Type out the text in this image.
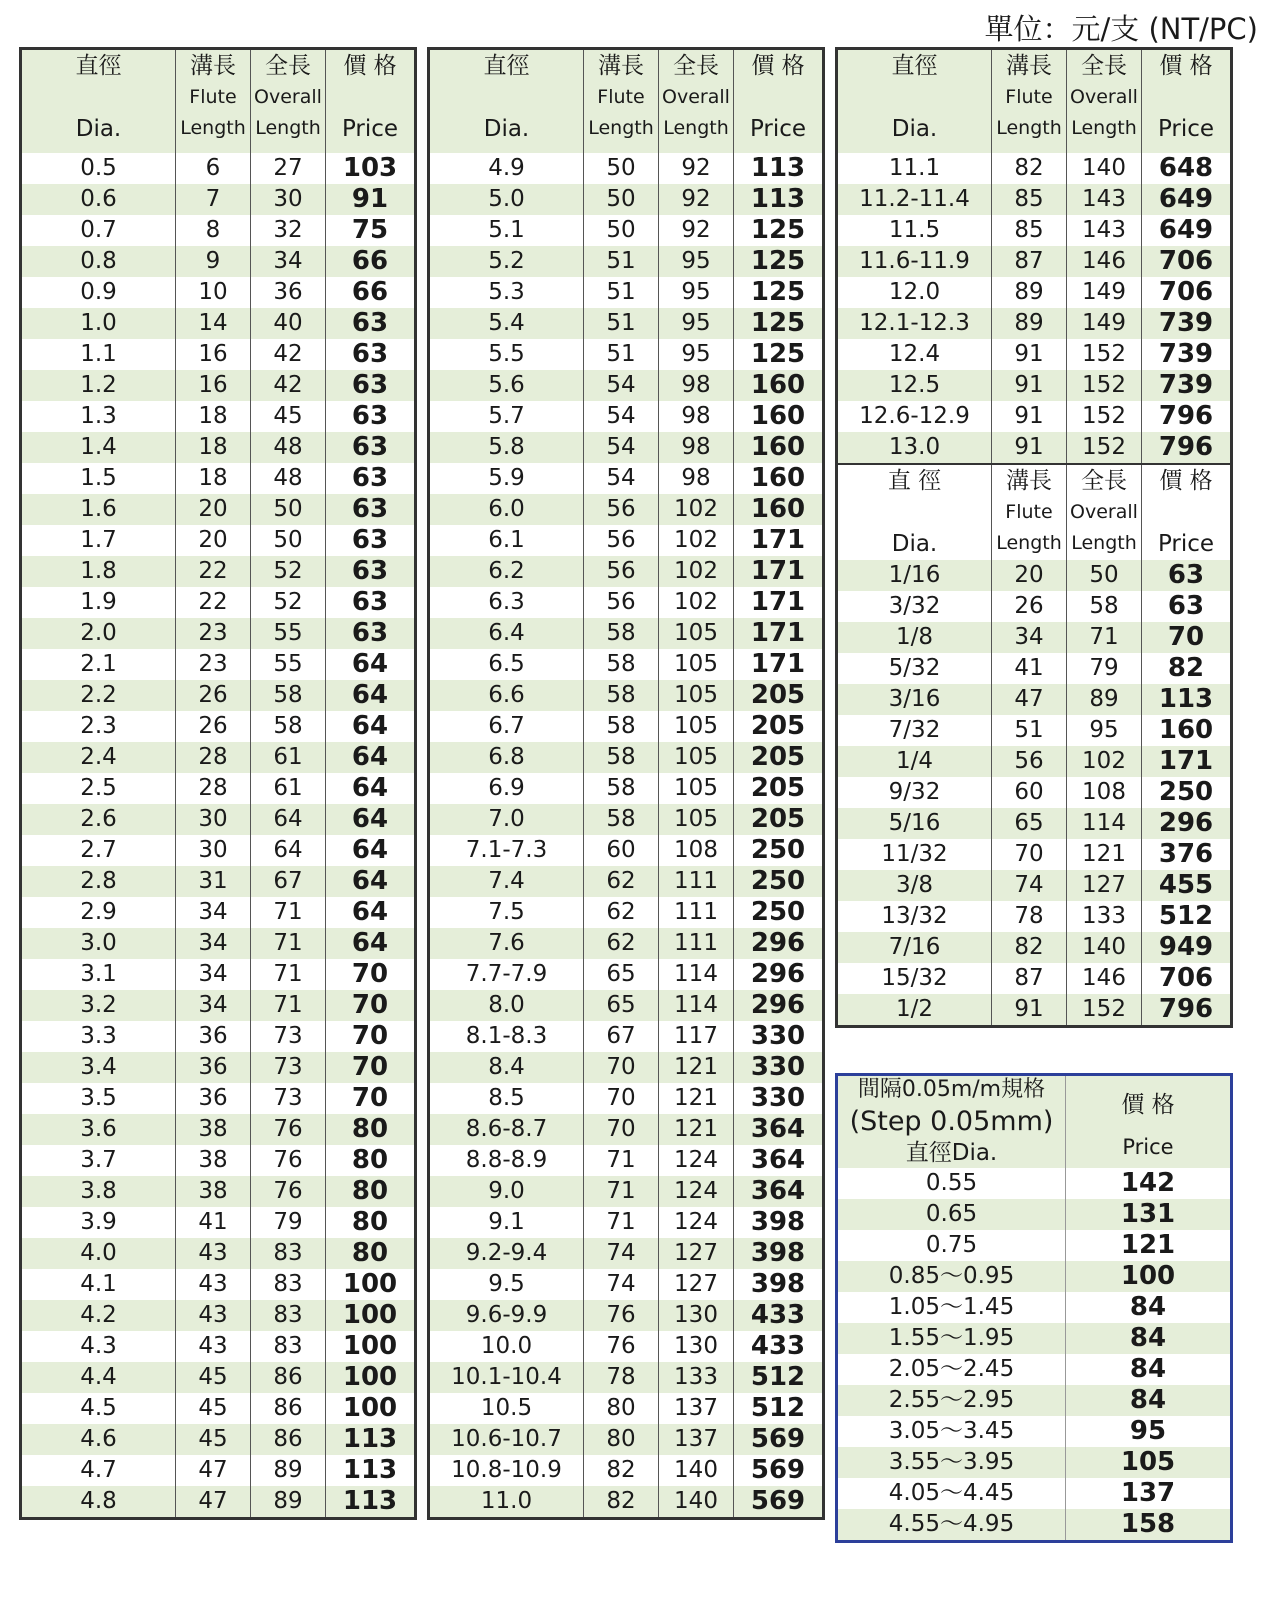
單位：元/支 (NT/PC)
直徑

Dia.	溝長
Flute
Length	全長
Overall
Length	價 格

Price

0.5	6	27	103
0.6	7	30	91
0.7	8	32	75
0.8	9	34	66
0.9	10	36	66
1.0	14	40	63
1.1	16	42	63
1.2	16	42	63
1.3	18	45	63
1.4	18	48	63
1.5	18	48	63
1.6	20	50	63
1.7	20	50	63
1.8	22	52	63
1.9	22	52	63
2.0	23	55	63
2.1	23	55	64
2.2	26	58	64
2.3	26	58	64
2.4	28	61	64
2.5	28	61	64
2.6	30	64	64
2.7	30	64	64
2.8	31	67	64
2.9	34	71	64
3.0	34	71	64
3.1	34	71	70
3.2	34	71	70
3.3	36	73	70
3.4	36	73	70
3.5	36	73	70
3.6	38	76	80
3.7	38	76	80
3.8	38	76	80
3.9	41	79	80
4.0	43	83	80
4.1	43	83	100
4.2	43	83	100
4.3	43	83	100
4.4	45	86	100
4.5	45	86	100
4.6	45	86	113
4.7	47	89	113
4.8	47	89	113
直徑

Dia.	溝長
Flute
Length	全長
Overall
Length	價 格

Price

4.9	50	92	113
5.0	50	92	113
5.1	50	92	125
5.2	51	95	125
5.3	51	95	125
5.4	51	95	125
5.5	51	95	125
5.6	54	98	160
5.7	54	98	160
5.8	54	98	160
5.9	54	98	160
6.0	56	102	160
6.1	56	102	171
6.2	56	102	171
6.3	56	102	171
6.4	58	105	171
6.5	58	105	171
6.6	58	105	205
6.7	58	105	205
6.8	58	105	205
6.9	58	105	205
7.0	58	105	205
7.1-7.3	60	108	250
7.4	62	111	250
7.5	62	111	250
7.6	62	111	296
7.7-7.9	65	114	296
8.0	65	114	296
8.1-8.3	67	117	330
8.4	70	121	330
8.5	70	121	330
8.6-8.7	70	121	364
8.8-8.9	71	124	364
9.0	71	124	364
9.1	71	124	398
9.2-9.4	74	127	398
9.5	74	127	398
9.6-9.9	76	130	433
10.0	76	130	433
10.1-10.4	78	133	512
10.5	80	137	512
10.6-10.7	80	137	569
10.8-10.9	82	140	569
11.0	82	140	569
直徑

Dia.	溝長
Flute
Length	全長
Overall
Length	價 格

Price

11.1	82	140	648
11.2-11.4	85	143	649
11.5	85	143	649
11.6-11.9	87	146	706
12.0	89	149	706
12.1-12.3	89	149	739
12.4	91	152	739
12.5	91	152	739
12.6-12.9	91	152	796
13.0	91	152	796

直 徑

Dia.	溝長
Flute
Length	全長
Overall
Length	價 格

Price

1/16	20	50	63
3/32	26	58	63
1/8	34	71	70
5/32	41	79	82
3/16	47	89	113
7/32	51	95	160
1/4	56	102	171
9/32	60	108	250
5/16	65	114	296
11/32	70	121	376
3/8	74	127	455
13/32	78	133	512
7/16	82	140	949
15/32	87	146	706
1/2	91	152	796
間隔0.05m/m規格
(Step 0.05mm)
直徑Dia.	價 格
Price

0.55	142
0.65	131
0.75	121
0.85～0.95	100
1.05～1.45	84
1.55～1.95	84
2.05～2.45	84
2.55～2.95	84
3.05～3.45	95
3.55～3.95	105
4.05～4.45	137
4.55～4.95	158
